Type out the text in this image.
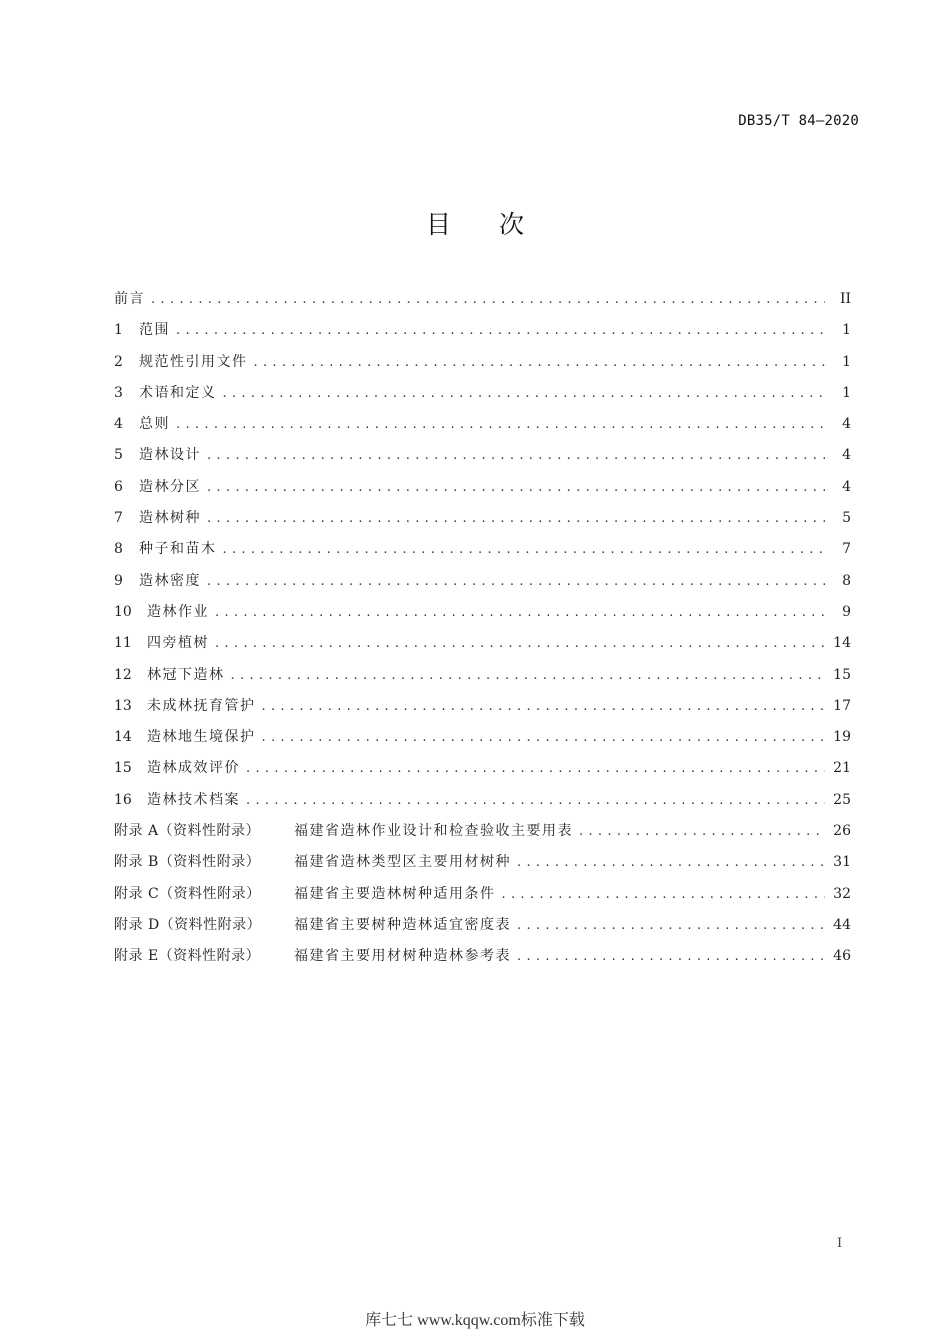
DB35/T 84—2020
目 次
前言 . . .	II
1	范围 . . .	1
2	规范性引用文件 . . .	1
3	术语和定义 . . .	1
4	总则 . . .	4
5	造林设计 . . .	4
6	造林分区 . . .	4
7	造林树种 . . .	5
8	种子和苗木 . . .	7
9	造林密度 . . .	8
10	造林作业 . . .	9
11	四旁植树 . . .	14
12	林冠下造林 . . .	15
13	未成林抚育管护 . . .	17
14	造林地生境保护 . . .	19
15	造林成效评价 . . .	21
16	造林技术档案 . . .	25
附录 A（资料性附录）	福建省造林作业设计和检查验收主要用表 . . .	26
附录 B（资料性附录）	福建省造林类型区主要用材树种 . . .	31
附录 C（资料性附录）	福建省主要造林树种适用条件 . . .	32
附录 D（资料性附录）	福建省主要树种造林适宜密度表 . . .	44
附录 E（资料性附录）	福建省主要用材树种造林参考表 . . .	46
I
库七七 www.kqqw.com标准下载
